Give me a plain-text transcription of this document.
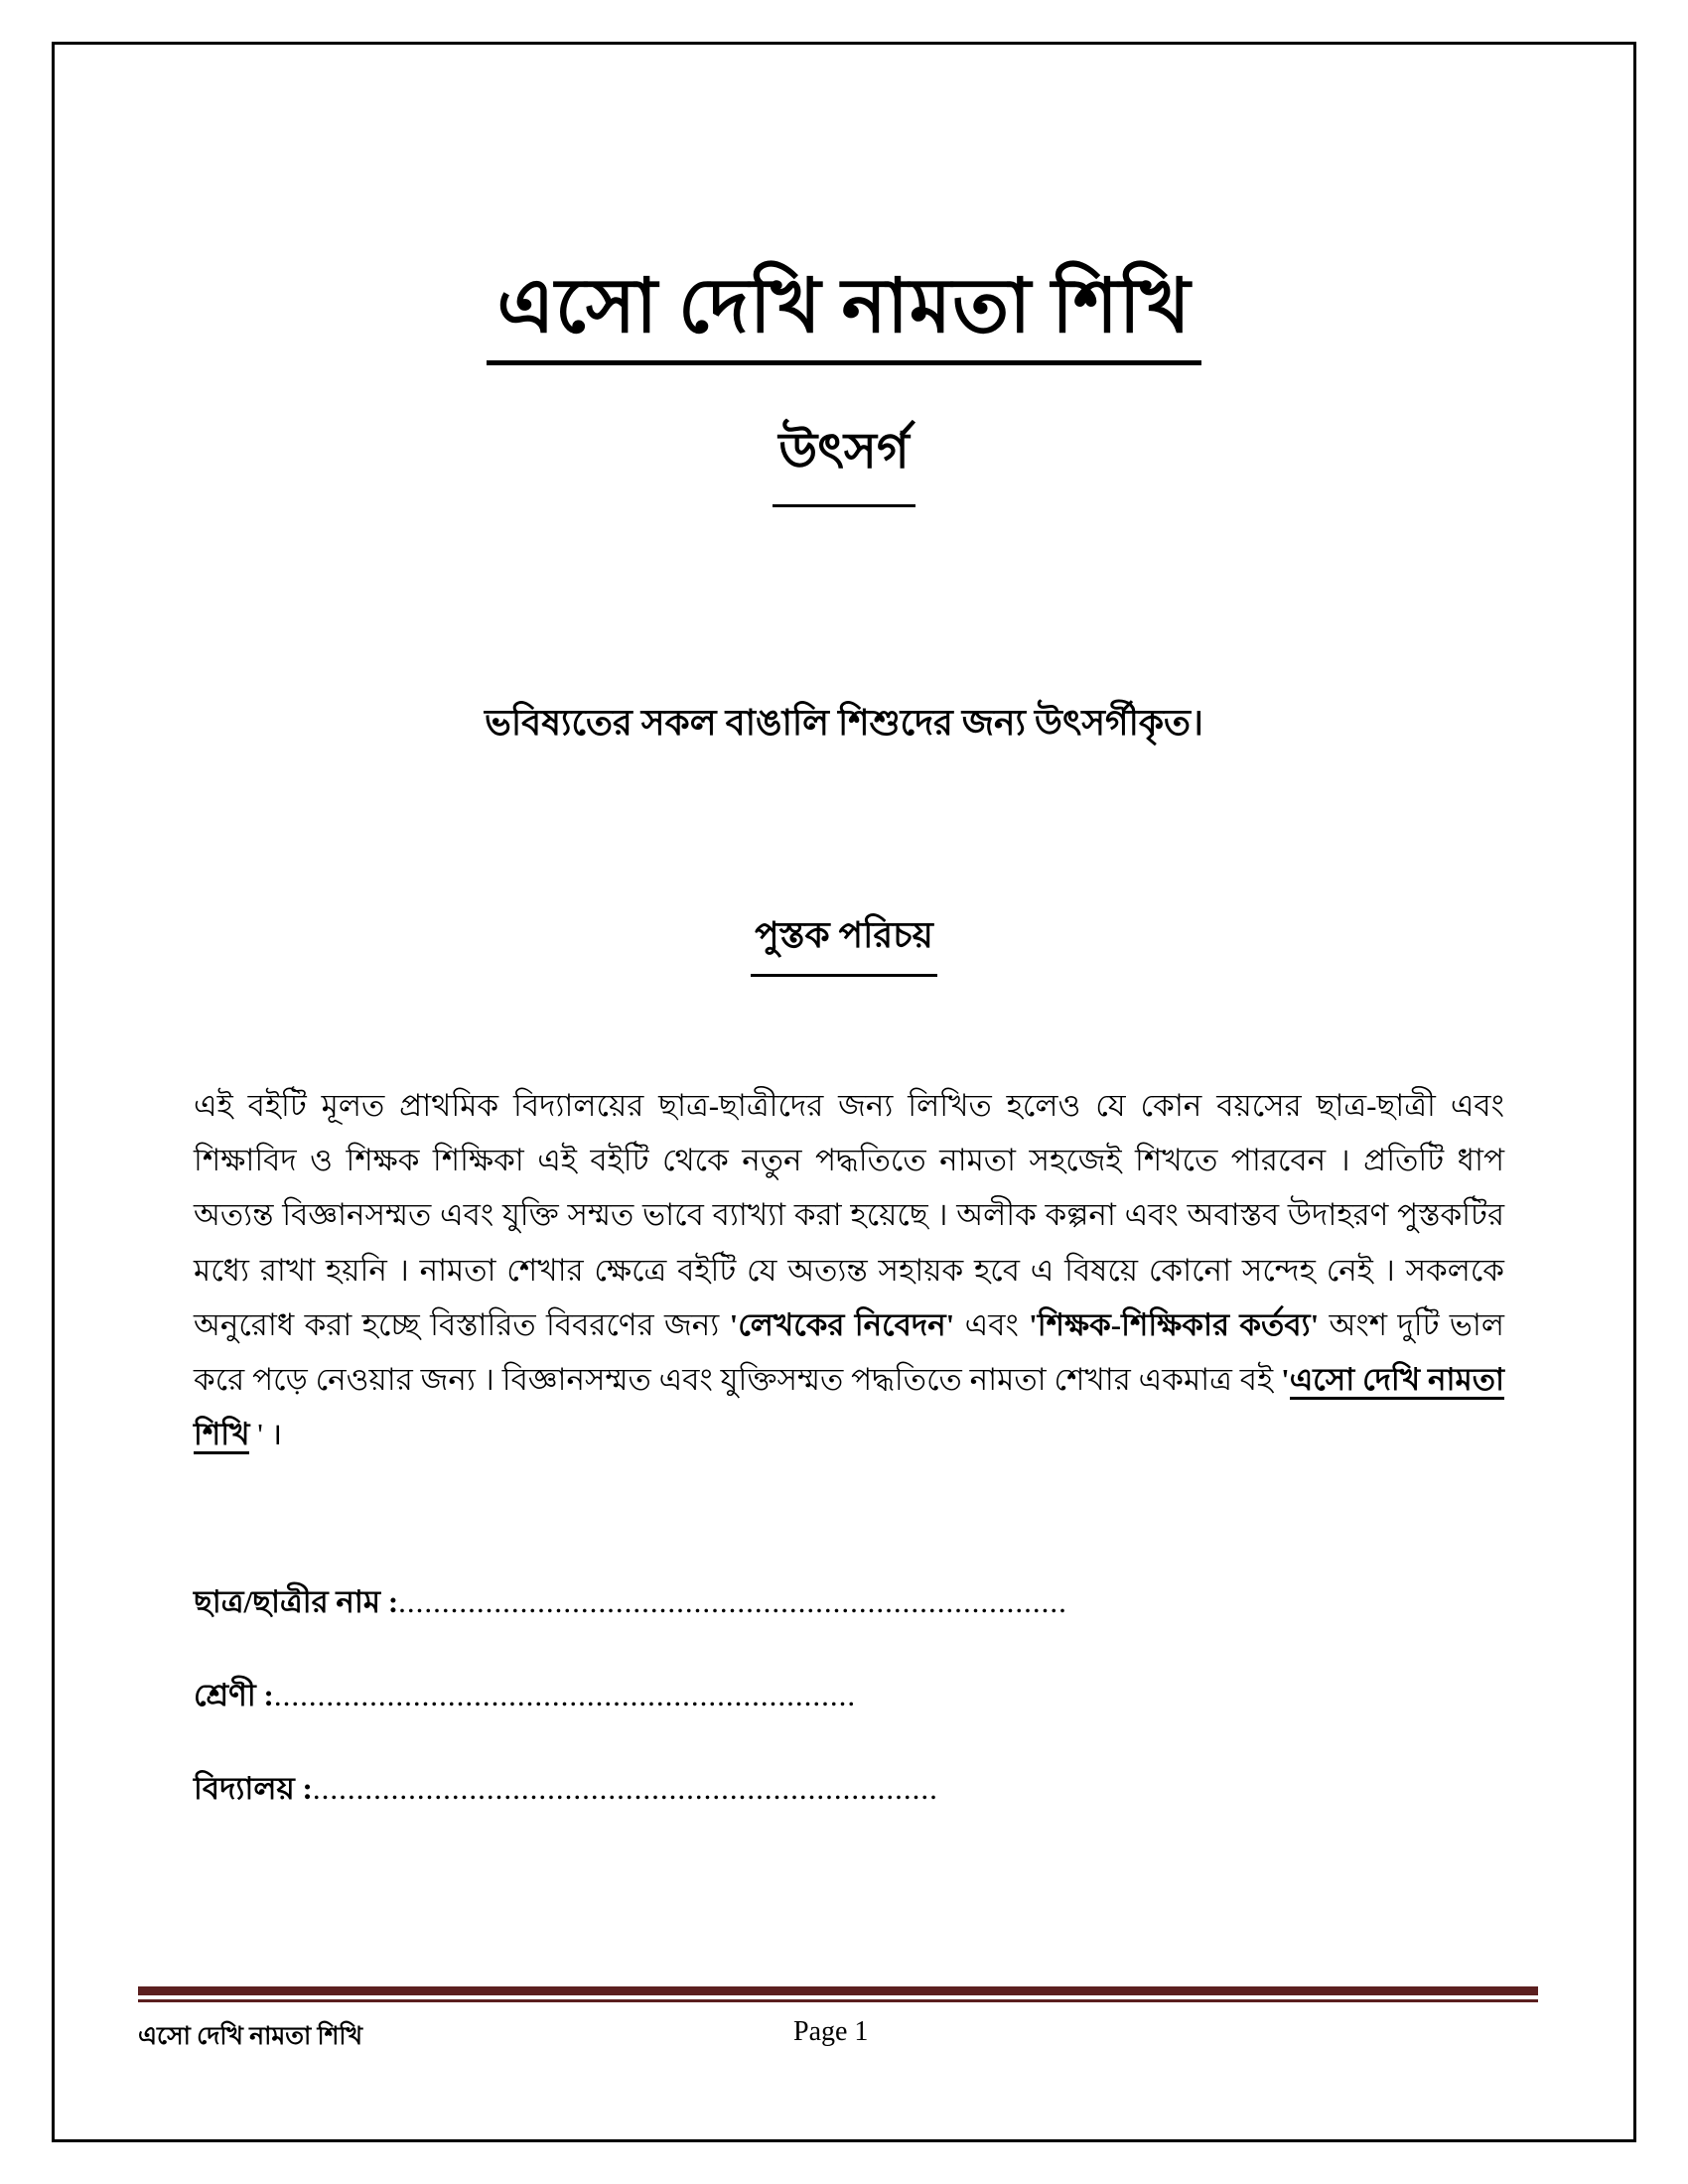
এসো দেখি নামতা শিখি
উৎসর্গ

ভবিষ্যতের সকল বাঙালি শিশুদের জন্য উৎসর্গীকৃত।

পুস্তক পরিচয়

এই বইটি মূলত প্রাথমিক বিদ্যালয়ের ছাত্র-ছাত্রীদের জন্য লিখিত হলেও যে কোন বয়সের ছাত্র-ছাত্রী এবং শিক্ষাবিদ ও শিক্ষক শিক্ষিকা এই বইটি থেকে নতুন পদ্ধতিতে নামতা সহজেই শিখতে পারবেন । প্রতিটি ধাপ অত্যন্ত বিজ্ঞানসম্মত এবং যুক্তি সম্মত ভাবে ব্যাখ্যা করা হয়েছে । অলীক কল্পনা এবং অবাস্তব উদাহরণ পুস্তকটির মধ্যে রাখা হয়নি । নামতা শেখার ক্ষেত্রে বইটি যে অত্যন্ত সহায়ক হবে এ বিষয়ে কোনো সন্দেহ নেই । সকলকে অনুরোধ করা হচ্ছে বিস্তারিত বিবরণের জন্য 'লেখকের নিবেদন' এবং 'শিক্ষক-শিক্ষিকার কর্তব্য' অংশ দুটি ভাল করে পড়ে নেওয়ার জন্য । বিজ্ঞানসম্মত এবং যুক্তিসম্মত পদ্ধতিতে নামতা শেখার একমাত্র বই 'এসো দেখি নামতা শিখি ' ।

ছাত্র/ছাত্রীর নাম :.............................................................................
শ্রেণী :...................................................................
বিদ্যালয় :........................................................................
এসো দেখি নামতা শিখি	Page 1
